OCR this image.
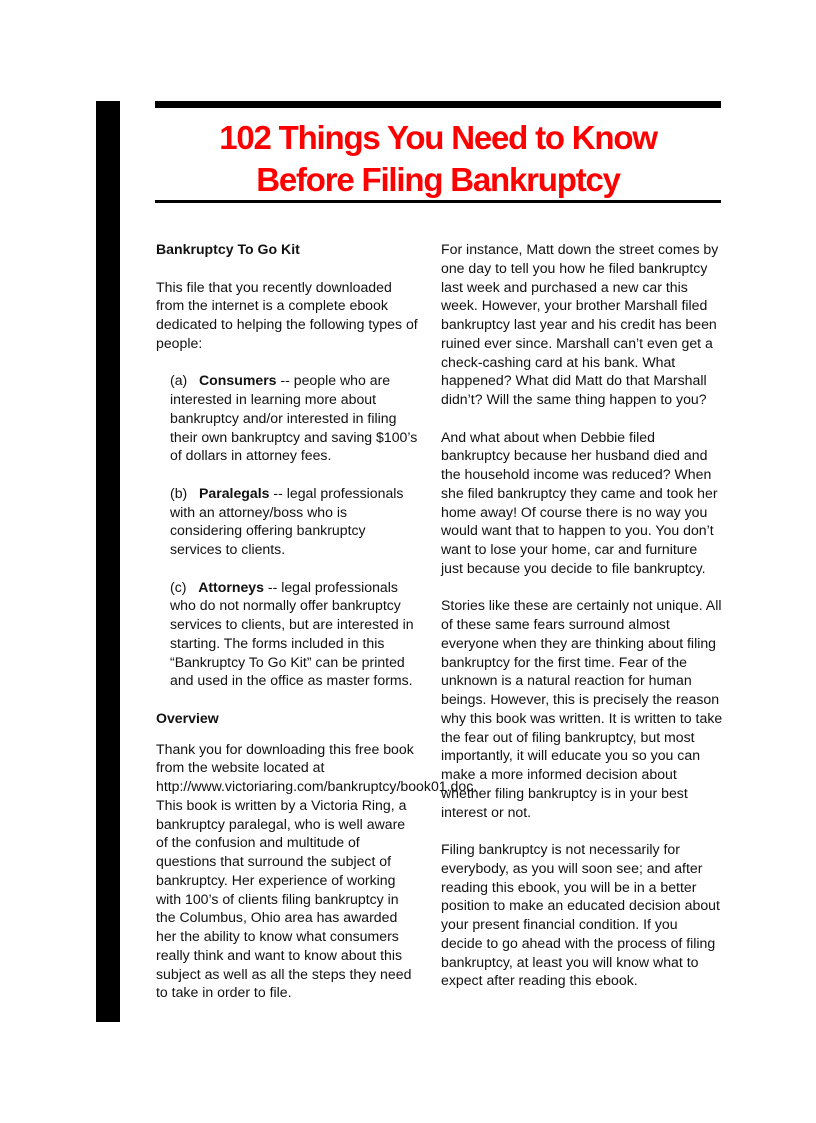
102 Things You Need to Know
Before Filing Bankruptcy
Bankruptcy To Go Kit

This file that you recently downloaded from the internet is a complete ebook dedicated to helping the following types of people:

(a) Consumers -- people who are interested in learning more about bankruptcy and/or interested in filing their own bankruptcy and saving $100’s of dollars in attorney fees.

(b) Paralegals -- legal professionals with an attorney/boss who is considering offering bankruptcy services to clients.

(c) Attorneys -- legal professionals who do not normally offer bankruptcy services to clients, but are interested in starting. The forms included in this “Bankruptcy To Go Kit” can be printed and used in the office as master forms.

Overview

Thank you for downloading this free book from the website located at http://www.victoriaring.com/bankruptcy/book01.doc. This book is written by a Victoria Ring, a bankruptcy paralegal, who is well aware of the confusion and multitude of questions that surround the subject of bankruptcy. Her experience of working with 100’s of clients filing bankruptcy in the Columbus, Ohio area has awarded her the ability to know what consumers really think and want to know about this subject as well as all the steps they need to take in order to file.

For instance, Matt down the street comes by one day to tell you how he filed bankruptcy last week and purchased a new car this week. However, your brother Marshall filed bankruptcy last year and his credit has been ruined ever since. Marshall can’t even get a check-cashing card at his bank. What happened? What did Matt do that Marshall didn’t? Will the same thing happen to you?

And what about when Debbie filed bankruptcy because her husband died and the household income was reduced? When she filed bankruptcy they came and took her home away! Of course there is no way you would want that to happen to you. You don’t want to lose your home, car and furniture just because you decide to file bankruptcy.

Stories like these are certainly not unique. All of these same fears surround almost everyone when they are thinking about filing bankruptcy for the first time. Fear of the unknown is a natural reaction for human beings. However, this is precisely the reason why this book was written. It is written to take the fear out of filing bankruptcy, but most importantly, it will educate you so you can make a more informed decision about whether filing bankruptcy is in your best interest or not.

Filing bankruptcy is not necessarily for everybody, as you will soon see; and after reading this ebook, you will be in a better position to make an educated decision about your present financial condition. If you decide to go ahead with the process of filing bankruptcy, at least you will know what to expect after reading this ebook.
